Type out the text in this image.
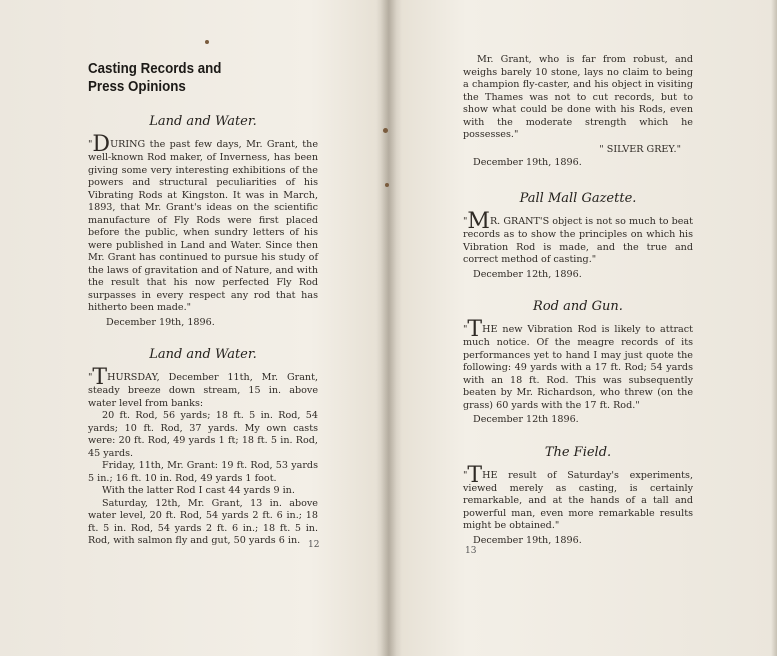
Casting Records and
Press Opinions
Land and Water.

"DURING the past few days, Mr. Grant, the well-known Rod maker, of Inverness, has been giving some very interesting exhibitions of the powers and structural peculiarities of his Vibrating Rods at Kingston. It was in March, 1893, that Mr. Grant's ideas on the scientific manufacture of Fly Rods were first placed before the public, when sundry letters of his were published in Land and Water. Since then Mr. Grant has continued to pursue his study of the laws of gravitation and of Nature, and with the result that his now perfected Fly Rod surpasses in every respect any rod that has hitherto been made."

December 19th, 1896.
Land and Water.

"THURSDAY, December 11th, Mr. Grant, steady breeze down stream, 15 in. above water level from banks:

20 ft. Rod, 56 yards; 18 ft. 5 in. Rod, 54 yards; 10 ft. Rod, 37 yards. My own casts were: 20 ft. Rod, 49 yards 1 ft; 18 ft. 5 in. Rod, 45 yards.

Friday, 11th, Mr. Grant: 19 ft. Rod, 53 yards 5 in.; 16 ft. 10 in. Rod, 49 yards 1 foot.

With the latter Rod I cast 44 yards 9 in.

Saturday, 12th, Mr. Grant, 13 in. above water level, 20 ft. Rod, 54 yards 2 ft. 6 in.; 18 ft. 5 in. Rod, 54 yards 2 ft. 6 in.; 18 ft. 5 in. Rod, with salmon fly and gut, 50 yards 6 in. 12

Mr. Grant, who is far from robust, and weighs barely 10 stone, lays no claim to being a champion fly-caster, and his object in visiting the Thames was not to cut records, but to show what could be done with his Rods, even with the moderate strength which he possesses."

" SILVER GREY."
December 19th, 1896.
Pall Mall Gazette.

"MR. GRANT'S object is not so much to beat records as to show the principles on which his Vibration Rod is made, and the true and correct method of casting."

December 12th, 1896.
Rod and Gun.

"THE new Vibration Rod is likely to attract much notice. Of the meagre records of its performances yet to hand I may just quote the following: 49 yards with a 17 ft. Rod; 54 yards with an 18 ft. Rod. This was subsequently beaten by Mr. Richardson, who threw (on the grass) 60 yards with the 17 ft. Rod."

December 12th 1896.
The Field.

"THE result of Saturday's experiments, viewed merely as casting, is certainly remarkable, and at the hands of a tall and powerful man, even more remarkable results might be obtained."

December 19th, 1896.
13
